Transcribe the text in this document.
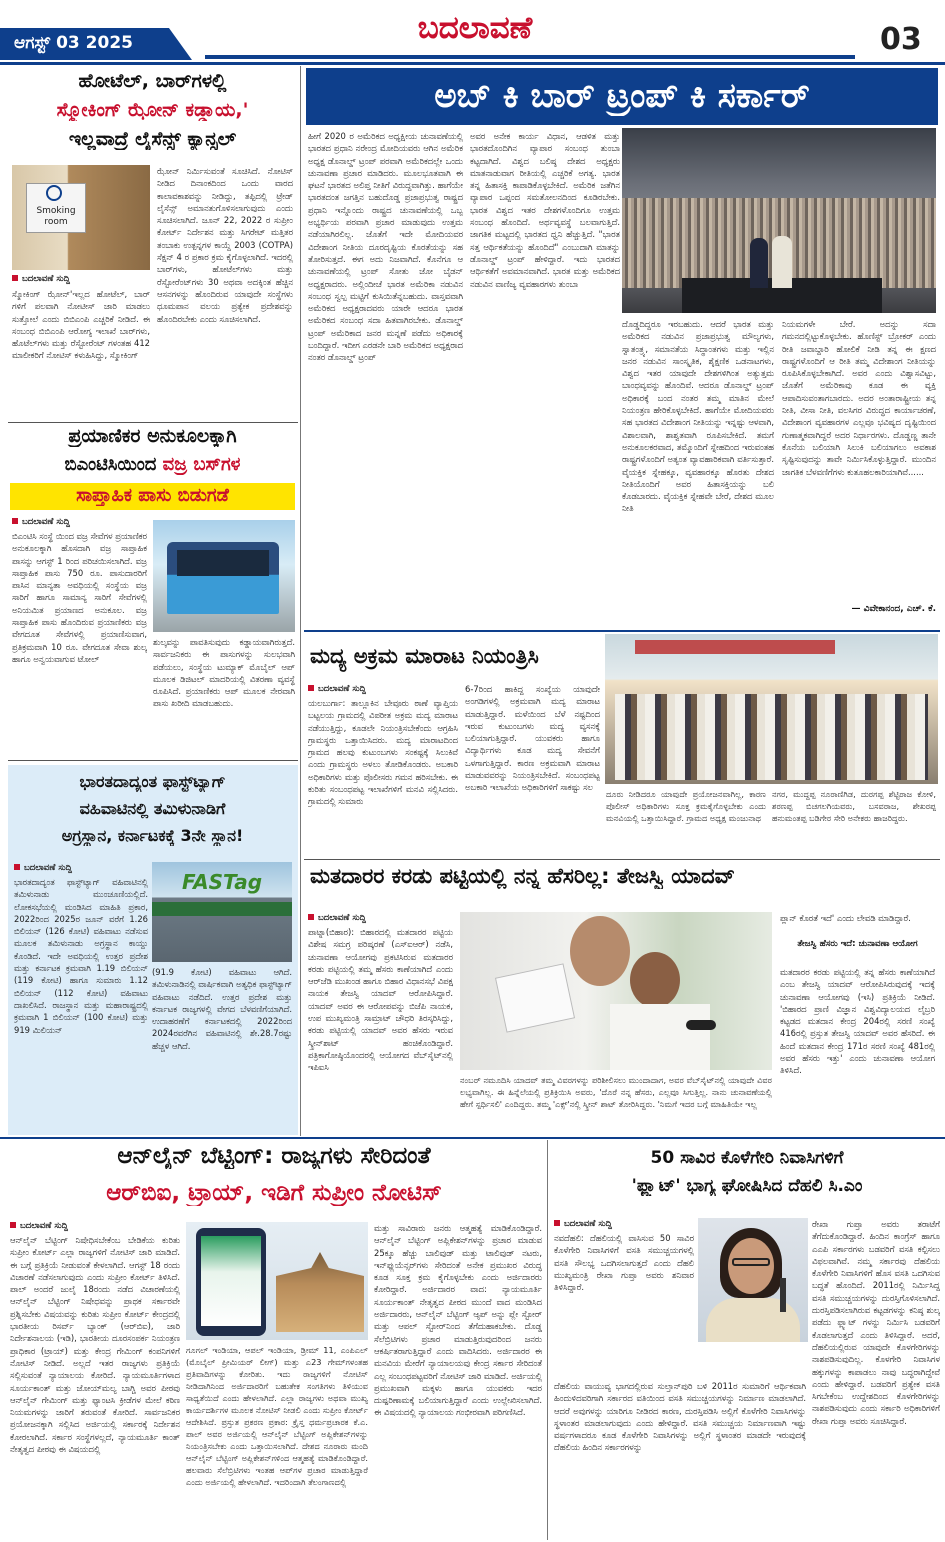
ಆಗಸ್ಟ್ 03 2025	ಬದಲಾವಣೆ	03
ಹೋಟೆಲ್, ಬಾರ್‌ಗಳಲ್ಲಿ
ಸ್ಮೋಕಿಂಗ್ ಝೋನ್ ಕಡ್ಡಾಯ,'
ಇಲ್ಲವಾದ್ರೆ ಲೈಸೆನ್ಸ್ ಕ್ಯಾನ್ಸಲ್
Smoking room
ಝೋನ್ ನಿರ್ಮಿಸುವಂತೆ ಸೂಚಿಸಿದೆ. ನೋಟಿಸ್ ನೀಡಿದ ದಿನಾಂಕದಿಂದ ಒಂದು ವಾರದ ಕಾಲಾವಕಾಶವನ್ನು ನೀಡಿದ್ದು, ತಪ್ಪಿದಲ್ಲಿ ಟ್ರೇಡ್ ಲೈಸೆನ್ಸ್ ಅಮಾನತುಗೊಳಿಸಲಾಗುವುದು ಎಂದು ಸೂಚಿಸಲಾಗಿದೆ. ಜೂನ್ 22, 2022 ರ ಸುಪ್ರೀಂ ಕೋರ್ಟ್ ನಿರ್ದೇಶನ ಮತ್ತು ಸಿಗರೇಟ್ ಮತ್ತಿತರ ತಂಬಾಕು ಉತ್ಪನ್ನಗಳ ಕಾಯ್ದೆ 2003 (COTPA) ಸೆಕ್ಷನ್ 4 ರ ಪ್ರಕಾರ ಕ್ರಮ ಕೈಗೊಳ್ಳಲಾಗಿದೆ. ಇದರಲ್ಲಿ ಬಾರ್‌ಗಳು, ಹೋಟೆಲ್‌ಗಳು ಮತ್ತು ರೆಸ್ಟೋರೆಂಟ್‌ಗಳು 30 ಅಥವಾ ಅದಕ್ಕಿಂತ ಹೆಚ್ಚಿನ ಆಸನಗಳನ್ನು ಹೊಂದಿರುವ ಯಾವುದೇ ಸಂಸ್ಥೆಗಳು ಧೂಮಪಾನ ವಲಯ ಪ್ರತ್ಯೇಕ ಪ್ರದೇಶವನ್ನು ಹೊಂದಿರಬೇಕು ಎಂದು ಸೂಚಿಸಲಾಗಿದೆ.
ಬದಲಾವಣೆ ಸುದ್ದಿ
ಸ್ಮೋಕಿಂಗ್ ಝೋನ್'ಇಲ್ಲದ ಹೋಟೆಲ್, ಬಾರ್ ಗಳಿಗೆ ಪಲವಾಗಿ ನೋಟೀಸ್ ಜಾರಿ ಮಾಡಲು ಸುತ್ತೋಲೆ ಎಂದು ಬಿಬಿಎಂಪಿ ಎಚ್ಚರಿಕೆ ನೀಡಿದೆ. ಈ ಸಂಬಂಧ ಬಿಬಿಎಂಪಿ ಆರೋಗ್ಯ ಇಲಾಖೆ ಬಾರ್‌ಗಳು, ಹೊಟೆಲ್‌ಗಳು ಮತ್ತು ರೆಸ್ಟೋರೆಂಟ್ ಗಳಂತಹ 412 ಮಾಲೀಕರಿಗೆ ನೋಟಿಸ್ ಕಳುಹಿಸಿದ್ದು, ಸ್ಮೋಕಿಂಗ್
ಪ್ರಯಾಣಿಕರ ಅನುಕೂಲಕ್ಕಾಗಿ
ಬಿಎಂಟಿಸಿಯಿಂದ ವಜ್ರ ಬಸ್‌ಗಳ
ಸಾಪ್ತಾಹಿಕ ಪಾಸು ಬಿಡುಗಡೆ
ಬದಲಾವಣೆ ಸುದ್ದಿ
ಬಿಎಂಟಿಸಿ ಸಂಸ್ಥೆ ಯಿಂದ ವಜ್ರ ಸೇವೆಗಳ ಪ್ರಯಾಣಿಕರ ಅನುಕೂಲಕ್ಕಾಗಿ ಹೊಸದಾಗಿ ವಜ್ರ ಸಾಪ್ತಾಹಿಕ ಪಾಸನ್ನು ಆಗಸ್ಟ್ 1 ರಿಂದ ಪರಿಚಯಿಸಲಾಗಿದೆ. ವಜ್ರ ಸಾಪ್ತಾಹಿಕ ಪಾಸು 750 ರೂ. ಪಾಸುದಾರರಿಗೆ ಪಾಸಿನ ಮಾನ್ಯತಾ ಅವಧಿಯಲ್ಲಿ ಸಂಸ್ಥೆಯ ವಜ್ರ ಸಾರಿಗೆ ಹಾಗೂ ಸಾಮಾನ್ಯ ಸಾರಿಗೆ ಸೇವೆಗಳಲ್ಲಿ ಅನಿಯಮಿತ ಪ್ರಯಾಣದ ಅನುಕೂಲ. ವಜ್ರ ಸಾಪ್ತಾಹಿಕ ಪಾಸು ಹೊಂದಿರುವ ಪ್ರಯಾಣಿಕರು ವಜ್ರ ವೇಗದೂತ ಸೇವೆಗಳಲ್ಲಿ ಪ್ರಯಾಣಿಸುವಾಗ, ಪ್ರತಿಕ್ರಮವಾಗಿ 10 ರೂ. ವೇಗದೂತ ಸೇವಾ ಶುಲ್ಕ ಹಾಗೂ ಅನ್ವಯವಾಗುವ ಟೋಲ್
ಶುಲ್ಕವನ್ನು ಪಾವತಿಸುವುದು ಕಡ್ಡಾಯವಾಗಿರುತ್ತದೆ. ಸಾರ್ವಜನಿಕರು ಈ ಪಾಸುಗಳನ್ನು ಸುಲಭವಾಗಿ ಪಡೆಯಲು, ಸಂಸ್ಥೆಯ ಟುಮ್ಯಾಕ್ ಮೊಬೈಲ್ ಆಪ್ ಮೂಲಕ ಡಿಜಿಟಲ್ ಮಾದರಿಯಲ್ಲಿ ವಿತರಣಾ ವ್ಯವಸ್ಥೆ ರೂಪಿಸಿದೆ. ಪ್ರಯಾಣಿಕರು ಆಪ್ ಮೂಲಕ ನೇರವಾಗಿ ಪಾಸು ಖರೀದಿ ಮಾಡಬಹುದು.
ಭಾರತದಾದ್ಯಂತ ಫಾಸ್ಟ್‌ಟ್ಯಾಗ್
ವಹಿವಾಟಿನಲ್ಲಿ ತಮಿಳುನಾಡಿಗೆ
ಅಗ್ರಸ್ಥಾನ, ಕರ್ನಾಟಕಕ್ಕೆ 3ನೇ ಸ್ಥಾನ!
ಬದಲಾವಣೆ ಸುದ್ದಿ
ಭಾರತದಾದ್ಯಂತ ಫಾಸ್ಟ್‌ಟ್ಯಾಗ್ ವಹಿವಾಟಿನಲ್ಲಿ ತಮಿಳುನಾಡು ಮುಂಚೂಣಿಯಲ್ಲಿದೆ. ಲೋಕಸಭೆಯಲ್ಲಿ ಮಂಡಿಸಿದ ಮಾಹಿತಿ ಪ್ರಕಾರ, 2022ರಿಂದ 2025ರ ಜೂನ್ ವರೆಗೆ 1.26 ಬಿಲಿಯನ್ (126 ಕೋಟಿ) ವಹಿವಾಟು ನಡೆಸುವ ಮೂಲಕ ತಮಿಳುನಾಡು ಅಗ್ರಸ್ಥಾನ ಕಾಯ್ದು ಕೊಂಡಿದೆ. ಇದೇ ಅವಧಿಯಲ್ಲಿ ಉತ್ತರ ಪ್ರದೇಶ ಮತ್ತು ಕರ್ನಾಟಕ ಕ್ರಮವಾಗಿ 1.19 ಬಿಲಿಯನ್ (119 ಕೋಟಿ) ಹಾಗೂ ಸುಮಾರು 1.12 ಬಿಲಿಯನ್ (112 ಕೋಟಿ) ವಹಿವಾಟು ದಾಖಲಿಸಿದೆ. ರಾಜಸ್ಥಾನ ಮತ್ತು ಮಹಾರಾಷ್ಟ್ರದಲ್ಲಿ ಕ್ರಮವಾಗಿ 1 ಬಿಲಿಯನ್ (100 ಕೋಟಿ) ಮತ್ತು 919 ಮಿಲಿಯನ್
FASTag
(91.9 ಕೋಟಿ) ವಹಿವಾಟು ಆಗಿದೆ. ತಮಿಳುನಾಡಿನಲ್ಲಿ ವಾರ್ಷಿಕವಾಗಿ ಅತ್ಯಧಿಕ ಫಾಸ್ಟ್‌ಟ್ಯಾಗ್ ವಹಿವಾಟು ನಡೆದಿದೆ. ಉತ್ತರ ಪ್ರದೇಶ ಮತ್ತು ಕರ್ನಾಟಕ ರಾಜ್ಯಗಳಲ್ಲಿ ವೇಗದ ಬೆಳವಣಿಗೆಯಾಗಿದೆ. ಉದಾಹರಣೆಗೆ ಕರ್ನಾಟಕದಲ್ಲಿ 2022ರಿಂದ 2024ರವರೆಗಿನ ವಹಿವಾಟಿನಲ್ಲಿ ಶೇ.28.7ರಷ್ಟು ಹೆಚ್ಚಳ ಆಗಿದೆ.
ಅಬ್ ಕಿ ಬಾರ್ ಟ್ರಂಪ್ ಕಿ ಸರ್ಕಾರ್
ಹೀಗೆ 2020 ರ ಅಮೆರಿಕದ ಅಧ್ಯಕ್ಷೀಯ ಚುನಾವಣೆಯಲ್ಲಿ ಭಾರತದ ಪ್ರಧಾನಿ ನರೇಂದ್ರ ಮೋದಿಯವರು ಆಗಿನ ಅಮೆರಿಕ ಅಧ್ಯಕ್ಷ ಡೊನಾಲ್ಡ್ ಟ್ರಂಪ್ ಪರವಾಗಿ ಅಮೆರಿಕದಲ್ಲೇ ಒಂದು ಚುನಾವಣಾ ಪ್ರಚಾರ ಮಾಡಿದರು. ಮೂಲಭೂತವಾಗಿ ಈ ಘಟನೆ ಭಾರತದ ಅಲಿಪ್ತ ನೀತಿಗೆ ವಿರುದ್ದವಾಗಿತ್ತು. ಹಾಗೆಯೇ ಭಾರತದಂತ ಜಗತ್ತಿನ ಬಹುದೊಡ್ಡ ಪ್ರಜಾಪ್ರಭುತ್ವ ರಾಷ್ಟ್ರದ ಪ್ರಧಾನಿ ಇನ್ನೊಂದು ರಾಷ್ಟ್ರದ ಚುನಾವಣೆಯಲ್ಲಿ ಒಬ್ಬ ಅಭ್ಯರ್ಥಿಯ ಪರವಾಗಿ ಪ್ರಚಾರ ಮಾಡುವುದು ಉತ್ತಮ ನಡೆಯಾಗಿರಲಿಲ್ಲ. ಜೊತೆಗೆ ಇದೇ ಮೋದಿಯವರ ವಿದೇಶಾಂಗ ನೀತಿಯ ದೂರದೃಷ್ಟಿಯ ಕೊರತೆಯನ್ನು ಸಹ ತೋರಿಸುತ್ತದೆ. ಈಗ ಅದು ನಿಜವಾಗಿದೆ. ಕೊನೆಗೂ ಆ ಚುನಾವಣೆಯಲ್ಲಿ ಟ್ರಂಪ್ ಸೋತು ಜೋ ಬೈಡನ್ ಅಧ್ಯಕ್ಷರಾದರು. ಅಲ್ಲಿಂದೀಚೆ ಭಾರತ ಅಮೆರಿಕಾ ನಡುವಿನ ಸಂಬಂಧ ಸ್ವಲ್ಪ ಮಟ್ಟಿಗೆ ಕುಸಿಯಿತೆನ್ನಬಹುದು. ವಾಸ್ತವವಾಗಿ ಅಮೆರಿಕದ ಅಧ್ಯಕ್ಷರಾದವರು ಯಾರೇ ಆದರೂ ಭಾರತ ಅಮೆರಿಕದ ಸಂಬಂಧ ಸದಾ ಹಿತವಾಗಿರಬೇಕು. ಡೊನಾಲ್ಡ್ ಟ್ರಂಪ್ ಅಮೆರಿಕಾದ ಜನರ ಮನ್ನಣೆ ಪಡೆದು ಅಧಿಕಾರಕ್ಕೆ ಬಂದಿದ್ದಾರೆ. ಇದೀಗ ಎರಡನೇ ಬಾರಿ ಅಮೆರಿಕದ ಅಧ್ಯಕ್ಷರಾದ ನಂತರ ಡೊನಾಲ್ಡ್ ಟ್ರಂಪ್
ಅವರ ಅನೇಕ ಕಾರ್ಯ ವಿಧಾನ, ಆಡಳಿತ ಮತ್ತು ಭಾರತದೊಂದಿಗಿನ ವ್ಯಾಪಾರ ಸಂಬಂಧ ತುಂಬಾ ಕಟ್ಟದಾಗಿದೆ. ವಿಶ್ವದ ಬಲಿಷ್ಠ ದೇಶದ ಅಧ್ಯಕ್ಷರು ಮಾತನಾಡುವಾಗ ರೀತಿಯಲ್ಲಿ ಎಚ್ಚರಿಕೆ ಅಗತ್ಯ. ಭಾರತ ತನ್ನ ಹಿತಾಸಕ್ತಿ ಕಾಪಾಡಿಕೊಳ್ಳಬೇಕಿದೆ. ಅಮೆರಿಕ ಜತೆಗಿನ ವ್ಯಾಪಾರ ಒಪ್ಪಂದ ಸಮತೋಲನದಿಂದ ಕೂಡಿರಬೇಕು. ಭಾರತ ವಿಶ್ವದ ಇತರ ದೇಶಗಳೊಂದಿಗೂ ಉತ್ತಮ ಸಂಬಂಧ ಹೊಂದಿದೆ. ಅರ್ಥವ್ಯವಸ್ಥೆ ಬಲವಾಗುತ್ತಿದೆ. ಜಾಗತಿಕ ಮಟ್ಟದಲ್ಲಿ ಭಾರತದ ಧ್ವನಿ ಹೆಚ್ಚುತ್ತಿದೆ. "ಭಾರತ ಸತ್ತ ಆರ್ಥಿಕತೆಯನ್ನು ಹೊಂದಿದೆ" ಎಂಬುದಾಗಿ ಮಾತನ್ನು ಡೊನಾಲ್ಡ್ ಟ್ರಂಪ್ ಹೇಳಿದ್ದಾರೆ. ಇದು ಭಾರತದ ಆರ್ಥಿಕತೆಗೆ ಅವಮಾನವಾಗಿದೆ. ಭಾರತ ಮತ್ತು ಅಮೆರಿಕದ ನಡುವಿನ ವಾಣಿಜ್ಯ ವ್ಯವಹಾರಗಳು ತುಂಬಾ
ದೊಡ್ಡದಿದ್ದರೂ ಇರಬಹುದು. ಆದರೆ ಭಾರತ ಮತ್ತು ಅಮೆರಿಕದ ನಡುವಿನ ಪ್ರಜಾಪ್ರಭುತ್ವ ಮೌಲ್ಯಗಳು, ಸ್ವಾತಂತ್ರ್ಯ, ಸಮಾನತೆಯ ಸಿದ್ಧಾಂತಗಳು ಮತ್ತು ಇಲ್ಲಿನ ಜನರ ನಡುವಿನ ಸಾಂಸ್ಕೃತಿಕ, ಶೈಕ್ಷಣಿಕ ಒಡನಾಟಗಳು, ವಿಶ್ವದ ಇತರ ಯಾವುದೇ ದೇಶಗಳಿಗಿಂತ ಅತ್ಯುತ್ತಮ ಬಾಂಧವ್ಯವನ್ನು ಹೊಂದಿವೆ. ಆದರೂ ಡೊನಾಲ್ಡ್ ಟ್ರಂಪ್ ಅಧಿಕಾರಕ್ಕೆ ಬಂದ ನಂತರ ತಮ್ಮ ಮಾತಿನ ಮೇಲೆ ನಿಯಂತ್ರಣ ಹೇರಿಕೊಳ್ಳಬೇಕಿದೆ. ಹಾಗೆಯೇ ಮೋದಿಯವರು ಸಹ ಭಾರತದ ವಿದೇಶಾಂಗ ನೀತಿಯನ್ನು ಇನ್ನಷ್ಟು ಆಳವಾಗಿ, ವಿಶಾಲವಾಗಿ, ಶಾಶ್ವತವಾಗಿ ರೂಪಿಸಬೇಕಿದೆ. ತಮಗೆ ಅನುಕೂಲಕರವಾದ, ತಮ್ಮೊಂದಿಗೆ ಸ್ನೇಹದಿಂದ ಇರುವಂತಹ ರಾಷ್ಟ್ರಗಳೊಂದಿಗೆ ಅತ್ಯಂತ ವ್ಯಾವಹಾರಿಕವಾಗಿ ವರ್ತಿಸುತ್ತಾರೆ. ವೈಯಕ್ತಿಕ ಸ್ನೇಹಕ್ಕೂ, ವ್ಯವಹಾರಕ್ಕೂ ಹೊರತು ದೇಶದ ನೀತಿಯೊಂದಿಗೆ ಅವರ ಹಿತಾಸಕ್ತಿಯನ್ನು ಬಲಿ ಕೊಡಬಾರದು. ವೈಯಕ್ತಿಕ ಸ್ನೇಹವೇ ಬೇರೆ, ದೇಶದ ಮೂಲ ನೀತಿ
ನಿಯಮಗಳೇ ಬೇರೆ. ಅದನ್ನು ಸದಾ ಗಮನದಲ್ಲಿಟ್ಟುಕೊಳ್ಳಬೇಕು. ಹೊಣಿಸ್ಟ್ ಬ್ರೋಕರ್ ಎಂದು ರೀತಿ ಜವಾಬ್ದಾರಿ ಹೋಲಿಕೆ ನೀಡಿ ತನ್ನ ಈ ಕ್ಷಣದ ರಾಷ್ಟ್ರಗಳೊಂದಿಗೆ ಆ ರೀತಿ ತಮ್ಮ ವಿದೇಶಾಂಗ ನೀತಿಯನ್ನು ರೂಪಿಸಿಕೊಳ್ಳಬೇಕಾಗಿದೆ. ಅವರ ಎಂದು ವಿಶ್ವಾಸವಿಟ್ಟು, ಜೊತೆಗೆ ಅಮೆರಿಕಾವು ಕೂಡ ಈ ವ್ಯಕ್ತಿ ಆಪಾದಿಸುವಂತಾಗಬಾರದು. ಅದರ ಅಂತಾರಾಷ್ಟ್ರೀಯ ತನ್ನ ನೀತಿ, ವೀಸಾ ನೀತಿ, ವಲಸಿಗರ ವಿರುದ್ಧದ ಕಾರ್ಯಾಚರಣೆ, ವಿದೇಶಾಂಗ ವ್ಯವಹಾರಗಳ ಎಲ್ಲವೂ ಭವಿಷ್ಯದ ದೃಷ್ಟಿಯಿಂದ ಗುಣಾತ್ಮಕವಾಗಿದ್ದರೆ ಅದರ ನಿರ್ಧಾರಗಳು. ದೊಡ್ಡಣ್ಣ ತಾನೇ ಕೊನೆಯ ಬಲಿಯಾಗಿ ಸಿಲುಕಿ ಬಲಿಯಾಗಲು ಅವಕಾಶ ಸೃಷ್ಟಿಸುವುದನ್ನು ತಾವೇ ನಿರ್ಮಿಸಿಕೊಳ್ಳುತ್ತಿದ್ದಾರೆ. ಮುಂದಿನ ಜಾಗತಿಕ ಬೆಳವಣಿಗೆಗಳು ಕುತೂಹಲಕಾರಿಯಾಗಿವೆ......
— ವಿವೇಕಾನಂದ, ಎಚ್. ಕೆ.
ಮದ್ಯ ಅಕ್ರಮ ಮಾರಾಟ ನಿಯಂತ್ರಿಸಿ
ಬದಲಾವಣೆ ಸುದ್ದಿ
ಯಲಬುರ್ಗಾ: ತಾಲ್ಲೂಕಿನ ಬೇವೂರು ಠಾಣೆ ವ್ಯಾಪ್ತಿಯ ಬಟ್ಟಲಯ ಗ್ರಾಮದಲ್ಲಿ ವಿಪರೀತ ಅಕ್ರಮ ಮದ್ಯ ಮಾರಾಟ ನಡೆಯುತ್ತಿದ್ದು, ಕೂಡಲೇ ನಿಯಂತ್ರಿಸಬೇಕೆಂದು ಆಗ್ರಹಿಸಿ ಗ್ರಾಮಸ್ಥರು ಒತ್ತಾಯಿಸಿದರು. ಮದ್ಯ ಮಾರಾಟದಿಂದ ಗ್ರಾಮದ ಹಲವು ಕುಟುಂಬಗಳು ಸಂಕಷ್ಟಕ್ಕೆ ಸಿಲುಕಿವೆ ಎಂದು ಗ್ರಾಮಸ್ಥರು ಅಳಲು ತೋಡಿಕೊಂಡರು. ಅಬಕಾರಿ ಅಧಿಕಾರಿಗಳು ಮತ್ತು ಪೊಲೀಸರು ಗಮನ ಹರಿಸಬೇಕು. ಈ ಕುರಿತು ಸಂಬಂಧಪಟ್ಟ ಇಲಾಖೆಗಳಿಗೆ ಮನವಿ ಸಲ್ಲಿಸಿದರು. ಗ್ರಾಮದಲ್ಲಿ ಸುಮಾರು
6-7ರಿಂದ ಹಾಕಿದ್ದ ಸಂಖ್ಯೆಯ ಯಾವುದೇ ಅಂಗಡಿಗಳಲ್ಲಿ ಅಕ್ರಮವಾಗಿ ಮದ್ಯ ಮಾರಾಟ ಮಾಡುತ್ತಿದ್ದಾರೆ. ಮಳೆಯಿಂದ ಬೆಳೆ ನಷ್ಟದಿಂದ ಇರುವ ಕುಟುಂಬಗಳು ಮದ್ಯ ವ್ಯಸನಕ್ಕೆ ಬಲಿಯಾಗುತ್ತಿದ್ದಾರೆ. ಯುವಕರು ಹಾಗೂ ವಿದ್ಯಾರ್ಥಿಗಳು ಕೂಡ ಮದ್ಯ ಸೇವನೆಗೆ ಒಳಗಾಗುತ್ತಿದ್ದಾರೆ. ಕಾರಣ ಅಕ್ರಮವಾಗಿ ಮಾರಾಟ ಮಾಡುವವರನ್ನು ನಿಯಂತ್ರಿಸಬೇಕಿದೆ. ಸಂಬಂಧಪಟ್ಟ ಅಬಕಾರಿ ಇಲಾಖೆಯ ಅಧಿಕಾರಿಗಳಿಗೆ ಸಾಕಷ್ಟು ಸಲ
ದೂರು ನೀಡಿದರೂ ಯಾವುದೇ ಪ್ರಯೋಜನವಾಗಿಲ್ಲ, ಕಾರಣ ಪೊಲೀಸ್ ಅಧಿಕಾರಿಗಳು ಸೂಕ್ತ ಕ್ರಮಕೈಗೊಳ್ಳಬೇಕು ಎಂದು ಮನವಿಯಲ್ಲಿ ಒತ್ತಾಯಿಸಿದ್ದಾರೆ. ಗ್ರಾಮದ ಅಧ್ಯಕ್ಷ ಮಂಜುನಾಥ
ನಗರ, ಮುದ್ದಪ್ಪ ನೂರಾಣಿಗಿಡ, ದುರಗಪ್ಪ ಶೆಟ್ಟಿರಾಜ ಕೋಳಿ, ಶರಣಪ್ಪ ಬಿಚಗಲಗಿಯವರು, ಬಸವರಾಜ, ಶೇಖರಪ್ಪ ಹನುಮಂತಪ್ಪ ಬಡಿಗೇರ ಸೇರಿ ಅನೇಕರು ಹಾಜರಿದ್ದರು.
ಮತದಾರರ ಕರಡು ಪಟ್ಟಿಯಲ್ಲಿ ನನ್ನ ಹೆಸರಿಲ್ಲ: ತೇಜಸ್ವಿ ಯಾದವ್
ಬದಲಾವಣೆ ಸುದ್ದಿ
ಪಾಟ್ನಾ(ಬಿಹಾರ): ಬಿಹಾರದಲ್ಲಿ ಮತದಾರರ ಪಟ್ಟಿಯ ವಿಶೇಷ ಸಮಗ್ರ ಪರಿಷ್ಕರಣೆ (ಎಸ್‌ಐಆರ್) ನಡೆಸಿ, ಚುನಾವಣಾ ಆಯೋಗವು ಪ್ರಕಟಿಸಿರುವ ಮತದಾರರ ಕರಡು ಪಟ್ಟಿಯಲ್ಲಿ ತಮ್ಮ ಹೆಸರು ಕಾಣೆಯಾಗಿದೆ ಎಂದು ಆರ್‌ಜೆಡಿ ಮುಖಂಡ ಹಾಗೂ ಬಿಹಾರ ವಿಧಾನಸಭೆ ವಿಪಕ್ಷ ನಾಯಕ ತೇಜಸ್ವಿ ಯಾದವ್ ಆರೋಪಿಸಿದ್ದಾರೆ. ಯಾದವ್ ಅವರ ಈ ಆರೋಪವನ್ನು ಬಿಜೆಪಿ ನಾಯಕ, ಉಪ ಮುಖ್ಯಮಂತ್ರಿ ಸಾಮ್ರಾಟ್ ಚೌಧರಿ ತಿರಸ್ಕರಿಸಿದ್ದು, ಕರಡು ಪಟ್ಟಿಯಲ್ಲಿ ಯಾದವ್ ಅವರ ಹೆಸರು ಇರುವ ಸ್ಕ್ರೀನ್‌ಶಾಟ್ ಹಂಚಿಕೊಂಡಿದ್ದಾರೆ. ಪತ್ರಿಕಾಗೋಷ್ಠಿಯೊಂದರಲ್ಲಿ ಆಯೋಗದ ವೆಬ್‌ಸೈಟ್‌ನಲ್ಲಿ ಇಪಿಐಸಿ
ನಂಬರ್ ನಮೂದಿಸಿ ಯಾದವ್ ತಮ್ಮ ವಿವರಗಳನ್ನು ಪರಿಶೀಲಿಸಲು ಮುಂದಾದಾಗ, ಅವರ ವೆಬ್‌ಸೈಟ್‌ನಲ್ಲಿ ಯಾವುದೇ ವಿವರ ಲಭ್ಯವಾಗಿಲ್ಲ. ಈ ಹಿನ್ನೆಲೆಯಲ್ಲಿ ಪ್ರತಿಕ್ರಿಯಿಸಿ ಅವರು, 'ದೊರೆ ನನ್ನ ಹೆಸರು, ಎಲ್ಲವೂ ಸಿಗುತ್ತಿಲ್ಲ. ನಾನು ಚುನಾವಣೆಯಲ್ಲಿ ಹೇಗೆ ಸ್ಪರ್ಧಿಸಲಿ' ಎಂದಿದ್ದರು. ತಮ್ಮ 'ಎಕ್ಸ್‌'ನಲ್ಲಿ ಸ್ಕ್ರೀನ್ ಶಾಟ್ ತೋರಿಸಿದ್ದರು. 'ನಿಮಗೆ ಇದರ ಬಗ್ಗೆ ಮಾಹಿತಿಯೇ ಇಲ್ಲ
ಪ್ಲಾನ್ ಕೊರತೆ ಇದೆ' ಎಂದು ಲೇವಡಿ ಮಾಡಿದ್ದಾರೆ.
ತೇಜಸ್ವಿ ಹೆಸರು ಇದೆ: ಚುನಾವಣಾ ಆಯೋಗ
ಮತದಾರರ ಕರಡು ಪಟ್ಟಿಯಲ್ಲಿ ತನ್ನ ಹೆಸರು ಕಾಣೆಯಾಗಿದೆ ಎಂಬ ತೇಜಸ್ವಿ ಯಾದವ್ ಆರೋಪಿಸಿರುವುದಕ್ಕೆ ಇದಕ್ಕೆ ಚುನಾವಣಾ ಆಯೋಗವು (ಇಸಿ) ಪ್ರತಿಕ್ರಿಯೆ ನೀಡಿದೆ. 'ಬಿಹಾರದ ಪ್ರಾಣಿ ವಿಜ್ಞಾನ ವಿಶ್ವವಿದ್ಯಾಲಯದ ಲೈಬ್ರರಿ ಕಟ್ಟಡದ ಮತದಾನ ಕೇಂದ್ರ 204ರಲ್ಲಿ ಸರಣಿ ಸಂಖ್ಯೆ 416ರಲ್ಲಿ ಪ್ರಸ್ತುತ ತೇಜಸ್ವಿ ಯಾದವ್ ಅವರ ಹೆಸರಿದೆ. ಈ ಹಿಂದೆ ಮತದಾನ ಕೇಂದ್ರ 171ರ ಸರಣಿ ಸಂಖ್ಯೆ 481ರಲ್ಲಿ ಅವರ ಹೆಸರು ಇತ್ತು' ಎಂದು ಚುನಾವಣಾ ಆಯೋಗ ತಿಳಿಸಿದೆ.
ಆನ್‌ಲೈನ್ ಬೆಟ್ಟಿಂಗ್: ರಾಜ್ಯಗಳು ಸೇರಿದಂತೆ
ಆರ್‌ಬಿಐ, ಟ್ರಾಯ್, ಇಡಿಗೆ ಸುಪ್ರೀಂ ನೋಟಿಸ್
ಬದಲಾವಣೆ ಸುದ್ದಿ
ಆನ್‌ಲೈನ್ ಬೆಟ್ಟಿಂಗ್ ನಿಷೇಧಿಸಬೇಕೆಂಬ ಬೇಡಿಕೆಯ ಕುರಿತು ಸುಪ್ರೀಂ ಕೋರ್ಟ್ ಎಲ್ಲಾ ರಾಜ್ಯಗಳಿಗೆ ನೋಟಿಸ್ ಜಾರಿ ಮಾಡಿದೆ. ಈ ಬಗ್ಗೆ ಪ್ರತಿಕ್ರಿಯೆ ನೀಡುವಂತೆ ಕೇಳಲಾಗಿದೆ. ಆಗಸ್ಟ್ 18 ರಂದು ವಿಚಾರಣೆ ನಡೆಸಲಾಗುವುದು ಎಂದು ಸುಪ್ರೀಂ ಕೋರ್ಟ್ ತಿಳಿಸಿದೆ. ಪಾಲ್ ಅಂದರೆ ಜುಲೈ 18ರಂದು ನಡೆದ ವಿಚಾರಣೆಯಲ್ಲಿ ಆನ್‌ಲೈನ್ ಬೆಟ್ಟಿಂಗ್ ನಿಷೇಧವನ್ನು ಪ್ರಾಥಕ ಸರ್ಕಾರವೇ ಪ್ರಶ್ನಿಸಬೇಕು ವಿಷಯವನ್ನು ಕುರಿತು ಸುಪ್ರೀಂ ಕೋರ್ಟ್ ಕೇಂದ್ರದಲ್ಲಿ ಭಾರತೀಯ ರಿಸರ್ವ್ ಬ್ಯಾಂಕ್ (ಆರ್‌ಬಿಐ), ಜಾರಿ ನಿರ್ದೇಶನಾಲಯ (ಇಡಿ), ಭಾರತೀಯ ದೂರಸಂಪರ್ಕ ನಿಯಂತ್ರಣ ಪ್ರಾಧಿಕಾರ (ಟ್ರಾಯ್) ಮತ್ತು ಕೇಂದ್ರ ಗೇಮಿಂಗ್ ಕಂಪನಿಗಳಿಗೆ ನೋಟಿಸ್ ನೀಡಿದೆ. ಅಲ್ಲದೆ ಇತರ ರಾಜ್ಯಗಳು ಪ್ರತಿಕ್ರಿಯೆ ಸಲ್ಲಿಸುವಂತೆ ನ್ಯಾಯಾಲಯ ಕೋರಿದೆ. ನ್ಯಾಯಮೂರ್ತಿಗಳಾದ ಸೂರ್ಯಕಾಂತ್ ಮತ್ತು ಜೋಯ್‌ಮಲ್ಯ ಬಾಗ್ಚಿ ಅವರ ಪೀಠವು ಆನ್‌ಲೈನ್ ಗೇಮಿಂಗ್ ಮತ್ತು ಫ್ಯಾಂಟಸಿ ಕ್ರೀಡೆಗಳ ಮೇಲೆ ಕಠಿಣ ನಿಯಮಗಳನ್ನು ಜಾರಿಗೆ ತರುವಂತೆ ಕೋರಿದೆ. ಸಾರ್ವಜನಿಕರ ಪ್ರಯೋಜನಕ್ಕಾಗಿ ಸಲ್ಲಿಸಿದ ಅರ್ಜಿಯಲ್ಲಿ ಸರ್ಕಾರಕ್ಕೆ ನಿರ್ದೇಶನ ಕೋರಲಾಗಿದೆ. ಸರ್ಕಾರ ಸಂಸ್ಥೆಗಳಲ್ಲದೆ, ನ್ಯಾಯಮೂರ್ತಿ ಕಾಂತ್ ನೇತೃತ್ವದ ಪೀಠವು ಈ ವಿಷಯದಲ್ಲಿ
ಗೂಗಲ್ ಇಂಡಿಯಾ, ಆಪಲ್ ಇಂಡಿಯಾ, ಡ್ರೀಮ್ 11, ಎಂಪಿಎಲ್ (ಮೊಬೈಲ್ ಪ್ರೀಮಿಯರ್ ಲೀಗ್) ಮತ್ತು ಎ23 ಗೇಮ್‌ಗಳಂತಹ ಪ್ರತಿವಾದಿಗಳನ್ನು ಕೋರಿತು. ಇದು ರಾಜ್ಯಗಳಿಗೆ ನೋಟಿಸ್ ನೀಡಿದಾಗಿನಿಂದ ಅರ್ಜಿದಾರರಿಗೆ ಬಹುತೇಕ ಸಂಗತಿಗಳು ತಿಳಿಯುವ ಸಾಧ್ಯತೆಯಿದೆ ಎಂದು ಹೇಳಲಾಗಿದೆ. ಎಲ್ಲಾ ರಾಜ್ಯಗಳು ಅಥವಾ ಮುಖ್ಯ ಕಾರ್ಯದರ್ಶಿಗಳ ಮೂಲಕ ನೋಟಿಸ್ ನೀಡಲಿ ಎಂದು ಸುಪ್ರೀಂ ಕೋರ್ಟ್ ಆದೇಶಿಸಿದೆ. ಪ್ರಸ್ತುತ ಪ್ರಕರಣ ಪ್ರಕಾರ: ಕ್ರೈಸ್ತ ಧರ್ಮಪ್ರಚಾರಕ ಕೆ.ಎ. ಪಾಲ್ ಅವರ ಅರ್ಜಿಯಲ್ಲಿ ಆನ್‌ಲೈನ್ ಬೆಟ್ಟಿಂಗ್ ಅಪ್ಲಿಕೇಶನ್‌ಗಳನ್ನು ನಿಯಂತ್ರಿಸಬೇಕು ಎಂದು ಒತ್ತಾಯಿಸಲಾಗಿದೆ. ದೇಶದ ನೂರಾರು ಮಂದಿ ಆನ್‌ಲೈನ್ ಬೆಟ್ಟಿಂಗ್ ಅಪ್ಲಿಕೇಶನ್‌ಗಳಿಂದ ಆತ್ಮಹತ್ಯೆ ಮಾಡಿಕೊಂಡಿದ್ದಾರೆ. ಹಲವಾರು ಸೆಲೆಬ್ರಿಟಿಗಳು ಇಂತಹ ಆಪ್‌ಗಳ ಪ್ರಚಾರ ಮಾಡುತ್ತಿದ್ದಾರೆ ಎಂದು ಅರ್ಜಿಯಲ್ಲಿ ಹೇಳಲಾಗಿದೆ. ಇದರಿಂದಾಗಿ ತೆಲಂಗಾಣದಲ್ಲಿ
ಮತ್ತು ಸಾವಿರಾರು ಜನರು ಆತ್ಮಹತ್ಯೆ ಮಾಡಿಕೊಂಡಿದ್ದಾರೆ. ಆನ್‌ಲೈನ್ ಬೆಟ್ಟಿಂಗ್ ಅಪ್ಲಿಕೇಶನ್‌ಗಳನ್ನು ಪ್ರಚಾರ ಮಾಡುವ 25ಕ್ಕೂ ಹೆಚ್ಚು ಬಾಲಿವುಡ್ ಮತ್ತು ಟಾಲಿವುಡ್ ನಟರು, ಇನ್‌ಫ್ಲುಯೆನ್ಸರ್‌ಗಳು ಸೇರಿದಂತೆ ಅನೇಕ ಪ್ರಮುಖರ ವಿರುದ್ಧ ಕೂಡ ಸೂಕ್ತ ಕ್ರಮ ಕೈಗೊಳ್ಳಬೇಕು ಎಂದು ಅರ್ಜಿದಾರರು ಕೋರಿದ್ದಾರೆ. ಅರ್ಜಿದಾರರ ವಾದ: ನ್ಯಾಯಮೂರ್ತಿ ಸೂರ್ಯಕಾಂತ್ ನೇತೃತ್ವದ ಪೀಠದ ಮುಂದೆ ವಾದ ಮಂಡಿಸಿದ ಅರ್ಜಿದಾರರು, ಆನ್‌ಲೈನ್ ಬೆಟ್ಟಿಂಗ್ ಆ್ಯಪ್ ಅನ್ನು ಪ್ಲೇ ಸ್ಟೋರ್ ಮತ್ತು ಆಪಲ್ ಸ್ಟೋರ್‌ನಿಂದ ತೆಗೆದುಹಾಕಬೇಕು. ದೊಡ್ಡ ಸೆಲೆಬ್ರಿಟಿಗಳು ಪ್ರಚಾರ ಮಾಡುತ್ತಿರುವುದರಿಂದ ಜನರು ಆಕರ್ಷಿತರಾಗುತ್ತಿದ್ದಾರೆ ಎಂದು ವಾದಿಸಿದರು. ಅರ್ಜಿದಾರರ ಈ ಮನವಿಯ ಮೇರೆಗೆ ನ್ಯಾಯಾಲಯವು ಕೇಂದ್ರ ಸರ್ಕಾರ ಸೇರಿದಂತೆ ಎಲ್ಲ ಸಂಬಂಧಪಟ್ಟವರಿಗೆ ನೋಟಿಸ್ ಜಾರಿ ಮಾಡಿದೆ. ಅರ್ಜಿಯಲ್ಲಿ ಪ್ರಮುಖವಾಗಿ ಮಕ್ಕಳು ಹಾಗೂ ಯುವಕರು ಇದರ ದುಷ್ಪರಿಣಾಮಕ್ಕೆ ಬಲಿಯಾಗುತ್ತಿದ್ದಾರೆ ಎಂದು ಉಲ್ಲೇಖಿಸಲಾಗಿದೆ. ಈ ವಿಷಯದಲ್ಲಿ ನ್ಯಾಯಾಲಯ ಗಂಭೀರವಾಗಿ ಪರಿಗಣಿಸಿದೆ.
50 ಸಾವಿರ ಕೊಳೆಗೇರಿ ನಿವಾಸಿಗಳಿಗೆ
'ಫ್ಲ್ಯಾಟ್' ಭಾಗ್ಯ ಘೋಷಿಸಿದ ದೆಹಲಿ ಸಿ.ಎಂ
ಬದಲಾವಣೆ ಸುದ್ದಿ
ನವದೆಹಲಿ: ದೆಹಲಿಯಲ್ಲಿ ವಾಸಿಸುವ 50 ಸಾವಿರ ಕೊಳೆಗೇರಿ ನಿವಾಸಿಗಳಿಗೆ ವಸತಿ ಸಮುಚ್ಚಯಗಳಲ್ಲಿ ವಸತಿ ಸೌಲಭ್ಯ ಒದಗಿಸಲಾಗುತ್ತದೆ ಎಂದು ದೆಹಲಿ ಮುಖ್ಯಮಂತ್ರಿ ರೇಖಾ ಗುಪ್ತಾ ಅವರು ಶನಿವಾರ ತಿಳಿಸಿದ್ದಾರೆ.
ರೇಖಾ ಗುಪ್ತಾ ಅವರು ತರಾಟೆಗೆ ತೆಗೆದುಕೊಂಡಿದ್ದಾರೆ. ಹಿಂದಿನ ಕಾಂಗ್ರೆಸ್ ಹಾಗೂ ಎಎಪಿ ಸರ್ಕಾರಗಳು ಬಡವರಿಗೆ ವಸತಿ ಕಲ್ಪಿಸಲು ವಿಫಲವಾಗಿವೆ. ನಮ್ಮ ಸರ್ಕಾರವು ದೆಹಲಿಯ ಕೊಳೆಗೇರಿ ನಿವಾಸಿಗಳಿಗೆ ಹೊಸ ವಸತಿ ಒದಗಿಸುವ ಬದ್ಧತೆ ಹೊಂದಿದೆ. 2011ರಲ್ಲಿ ನಿರ್ಮಿಸಿದ್ದ ವಸತಿ ಸಮುಚ್ಚಯಗಳನ್ನು ದುರಸ್ತಿಗೊಳಿಸಲಾಗಿದೆ. ದುರಸ್ತಿಪಡಿಸಲಾಗಿರುವ ಕಟ್ಟಡಗಳನ್ನು ಕನಿಷ್ಠ ಶುಲ್ಕ ಪಡೆದು ಫ್ಲ್ಯಾಟ್ ಗಳನ್ನು ನಿರ್ಮಿಸಿ ಬಡವರಿಗೆ ಕೊಡಲಾಗುತ್ತದೆ ಎಂದು ತಿಳಿಸಿದ್ದಾರೆ. ಅದರೆ, ದೆಹಲಿಯಲ್ಲಿರುವ ಯಾವುದೇ ಕೊಳಗೇರಿಗಳನ್ನು ನಾಶಪಡಿಸುವುದಿಲ್ಲ. ಕೊಳಗೇರಿ ನಿವಾಸಿಗಳ ಹಕ್ಕುಗಳನ್ನು ಕಾಪಾಡಲು ನಾವು ಬದ್ಧರಾಗಿದ್ದೇವೆ ಎಂದು ಹೇಳಿದ್ದಾರೆ. ಬಡವರಿಗೆ ಪ್ರತ್ಯೇಕ ವಸತಿ ಸಿಗಬೇಕೆಂಬ ಉದ್ದೇಶದಿಂದ ಕೊಳಗೇರಿಗಳನ್ನು ನಾಶಪಡಿಸುವುದು ಎಂದು ಸರ್ಕಾರಿ ಅಧಿಕಾರಿಗಳಿಗೆ ರೇಖಾ ಗುಪ್ತಾ ಅವರು ಸೂಚಿಸಿದ್ದಾರೆ.
ದೆಹಲಿಯ ವಾಯುವ್ಯ ಭಾಗದಲ್ಲಿರುವ ಸುಲ್ತಾನ್‌ಪುರಿ ಬಳಿ 2011ರ ಸುಮಾರಿಗೆ ಆರ್ಥಿಕವಾಗಿ ಹಿಂದುಳಿದವರಿಗಾಗಿ ಸರ್ಕಾರದ ವತಿಯಿಂದ ವಸತಿ ಸಮುಚ್ಚಯಗಳನ್ನು ನಿರ್ಮಾಣ ಮಾಡಲಾಗಿದೆ. ಆದರೆ ಅವುಗಳನ್ನು ಯಾರಿಗೂ ನೀಡಿರದ ಕಾರಣ, ದುರಸ್ತಿಪಡಿಸಿ ಅಲ್ಲಿಗೆ ಕೊಳೆಗೇರಿ ನಿವಾಸಿಗಳನ್ನು ಸ್ಥಳಾಂತರ ಮಾಡಲಾಗುವುದು ಎಂದು ಹೇಳಿದ್ದಾರೆ. ವಸತಿ ಸಮುಚ್ಚಯ ನಿರ್ಮಾಣವಾಗಿ ಇಷ್ಟು ವರ್ಷಗಳಾದರೂ ಕೂಡ ಕೊಳೆಗೇರಿ ನಿವಾಸಿಗಳನ್ನು ಅಲ್ಲಿಗೆ ಸ್ಥಳಾಂತರ ಮಾಡದೇ ಇರುವುದಕ್ಕೆ ದೆಹಲಿಯ ಹಿಂದಿನ ಸರ್ಕಾರಗಳನ್ನು
